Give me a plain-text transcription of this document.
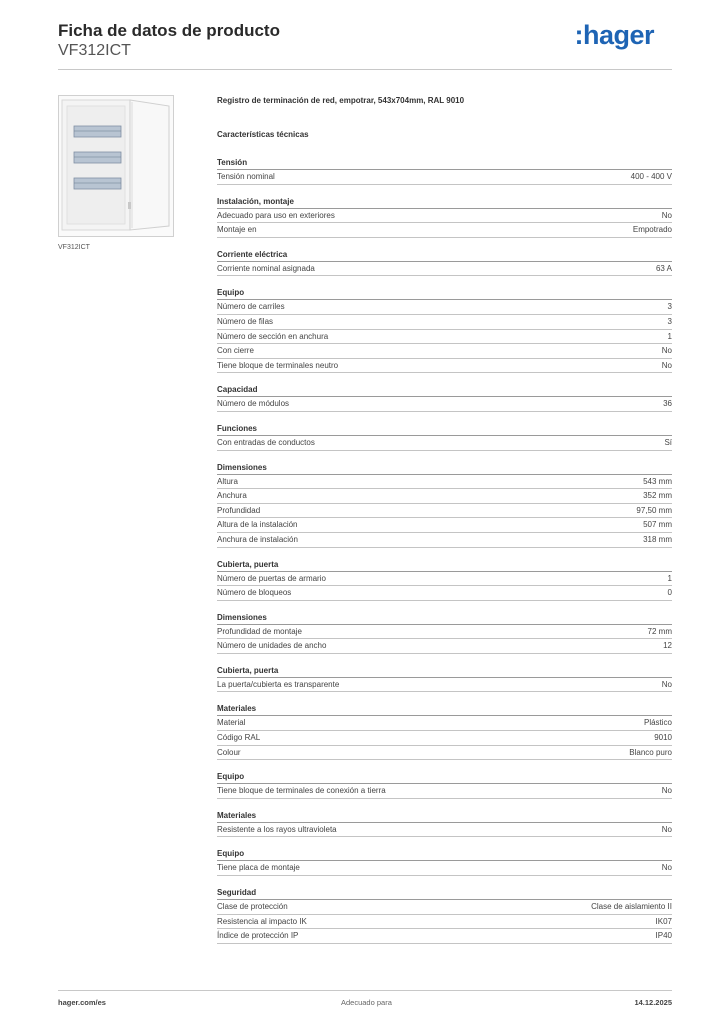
Ficha de datos de producto
VF312ICT
:hager
VF312ICT
Registro de terminación de red, empotrar, 543x704mm, RAL 9010
Características técnicas
Tensión
Tensión nominal	400 - 400 V
Instalación, montaje
Adecuado para uso en exteriores	No
Montaje en	Empotrado
Corriente eléctrica
Corriente nominal asignada	63 A
Equipo
Número de carriles	3
Número de filas	3
Número de sección en anchura	1
Con cierre	No
Tiene bloque de terminales neutro	No
Capacidad
Número de módulos	36
Funciones
Con entradas de conductos	Sí
Dimensiones
Altura	543 mm
Anchura	352 mm
Profundidad	97,50 mm
Altura de la instalación	507 mm
Anchura de instalación	318 mm
Cubierta, puerta
Número de puertas de armario	1
Número de bloqueos	0
Dimensiones
Profundidad de montaje	72 mm
Número de unidades de ancho	12
Cubierta, puerta
La puerta/cubierta es transparente	No
Materiales
Material	Plástico
Código RAL	9010
Colour	Blanco puro
Equipo
Tiene bloque de terminales de conexión a tierra	No
Materiales
Resistente a los rayos ultravioleta	No
Equipo
Tiene placa de montaje	No
Seguridad
Clase de protección	Clase de aislamiento II
Resistencia al impacto IK	IK07
Índice de protección IP	IP40
hager.com/es	Adecuado para	14.12.2025
